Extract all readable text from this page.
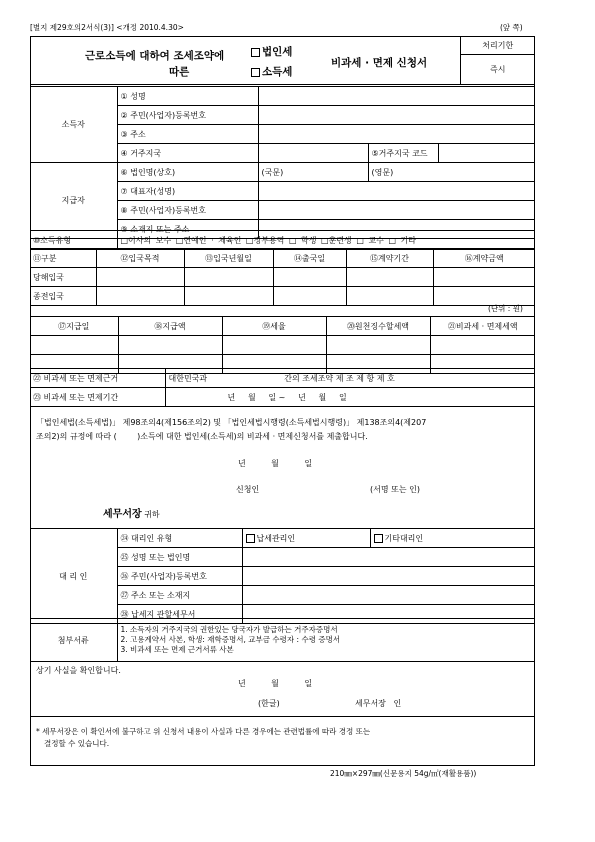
[별지 제29호의2서식(3)] <개정 2010.4.30>	(앞 쪽)
근로소득에 대하여 조세조약에
따른
법인세
소득세
비과세 · 면제 신청서
	처리기한
즉시
소득자	① 성명			
	② 주민(사업자)등록번호			
	③ 주소			
	④ 거주지국		⑤거주지국 코드	
지급자	⑥ 법인명(상호)	(국문)	(영문)	
	⑦ 대표자(성명)			
	⑧ 주민(사업자)등록번호			
	⑨ 소재지 또는 주소			
⑩소득유형	□이사의 보수 □연예인 · 체육인 □정부용역 □ 학생 □훈련생 □ 교수 □ 기타
⑪구분	⑫입국목적	⑬입국년월일	⑭출국일	⑮계약기간	⑯계약금액
당해입국					
종전입국					
(단위 : 원)
⑰지급일	⑱지급액	⑲세율	⑳원천징수할세액	㉑비과세 · 면제세액

㉒ 비과세 또는 면제근거	대한민국과 간의 조세조약 제 조 제 항 제 호
㉓ 비과세 또는 면제기간	년     월     일 ~     년     월     일
「법인세법(소득세법)」 제98조의4(제156조의2) 및 「법인세법시행령(소득세법시행령)」 제138조의4(제207
조의2)의 규정에 따라 (        )소득에 대한 법인세(소득세)의 비과세 · 면제신청서를 제출합니다.
년          월          일
신청인	(서명 또는 인)
세무서장 귀하
대 리 인	㉔ 대리인 유형	납세관리인	기타대리인
	㉕ 성명 또는 법인명		
	㉖ 주민(사업자)등록번호		
	㉗ 주소 또는 소재지		
	㉘ 납세지 관할세무서		
첨부서류	
1. 소득자의 거주지국의 권한있는 당국자가 발급하는 거주자증명서
2. 고용계약서 사본, 학생: 재학증명서, 교부금 수령자 : 수령 증명서
3. 비과세 또는 면제 근거서류 사본
상기 사실을 확인합니다.
년          월          일
(한글)	세무서장   인
* 세무서장은 이 확인서에 불구하고 위 신청서 내용이 사실과 다른 경우에는 관련법률에 따라 경정 또는
결정할 수 있습니다.
210㎜×297㎜(신문용지 54g/㎡(재활용품))
